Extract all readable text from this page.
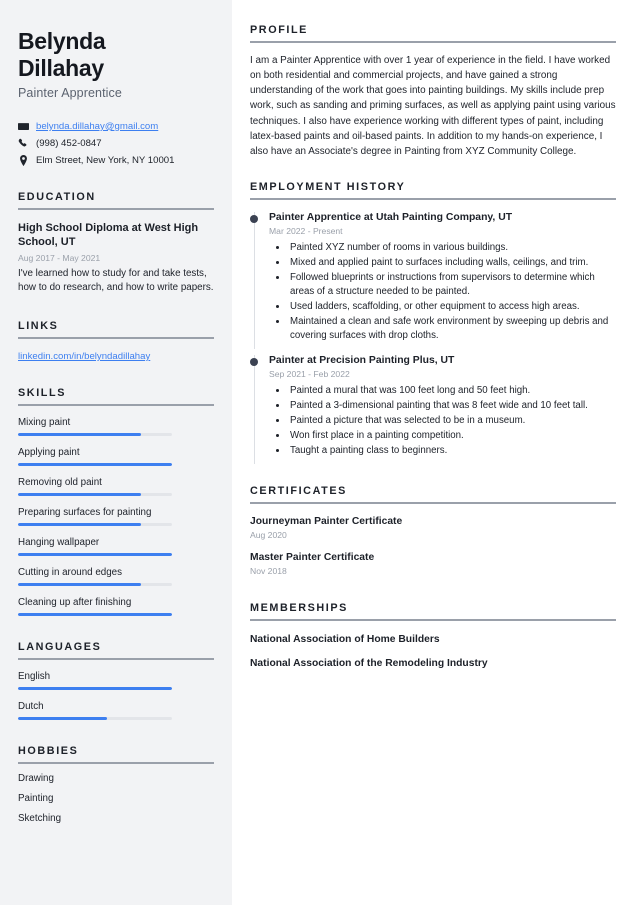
Belynda
Dillahay
Painter Apprentice
belynda.dillahay@gmail.com
(998) 452-0847
Elm Street, New York, NY 10001
EDUCATION
High School Diploma at West High School, UT
Aug 2017 - May 2021
I've learned how to study for and take tests, how to do research, and how to write papers.
LINKS
linkedin.com/in/belyndadillahay
SKILLS
Mixing paint
Applying paint
Removing old paint
Preparing surfaces for painting
Hanging wallpaper
Cutting in around edges
Cleaning up after finishing
LANGUAGES
English
Dutch
HOBBIES
Drawing
Painting
Sketching
PROFILE

I am a Painter Apprentice with over 1 year of experience in the field. I have worked on both residential and commercial projects, and have gained a strong understanding of the work that goes into painting buildings. My skills include prep work, such as sanding and priming surfaces, as well as applying paint using various techniques. I also have experience working with different types of paint, including latex-based paints and oil-based paints. In addition to my hands-on experience, I also have an Associate's degree in Painting from XYZ Community College.

EMPLOYMENT HISTORY
Painter Apprentice at Utah Painting Company, UT
Mar 2022 - Present
• Painted XYZ number of rooms in various buildings.
• Mixed and applied paint to surfaces including walls, ceilings, and trim.
• Followed blueprints or instructions from supervisors to determine which areas of a structure needed to be painted.
• Used ladders, scaffolding, or other equipment to access high areas.
• Maintained a clean and safe work environment by sweeping up debris and covering surfaces with drop cloths.
Painter at Precision Painting Plus, UT
Sep 2021 - Feb 2022
• Painted a mural that was 100 feet long and 50 feet high.
• Painted a 3-dimensional painting that was 8 feet wide and 10 feet tall.
• Painted a picture that was selected to be in a museum.
• Won first place in a painting competition.
• Taught a painting class to beginners.
CERTIFICATES
Journeyman Painter Certificate
Aug 2020
Master Painter Certificate
Nov 2018
MEMBERSHIPS
National Association of Home Builders
National Association of the Remodeling Industry
